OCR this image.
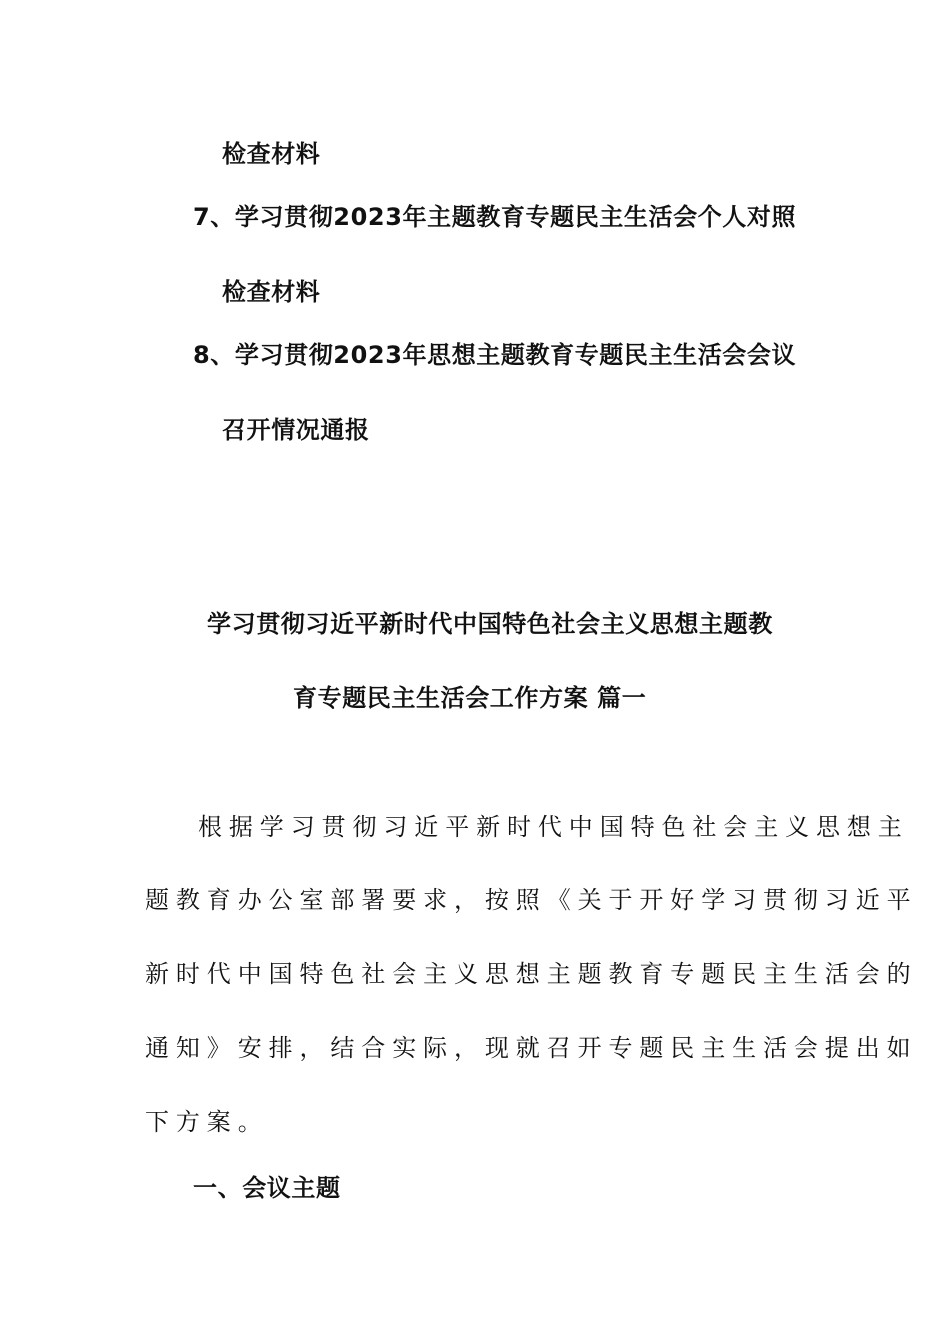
检查材料
7、学习贯彻2023年主题教育专题民主生活会个人对照
检查材料
8、学习贯彻2023年思想主题教育专题民主生活会会议
召开情况通报
学习贯彻习近平新时代中国特色社会主义思想主题教
育专题民主生活会工作方案 篇一
根据学习贯彻习近平新时代中国特色社会主义思想主
题教育办公室部署要求，按照《关于开好学习贯彻习近平
新时代中国特色社会主义思想主题教育专题民主生活会的
通知》安排，结合实际，现就召开专题民主生活会提出如
下方案。
一、会议主题
